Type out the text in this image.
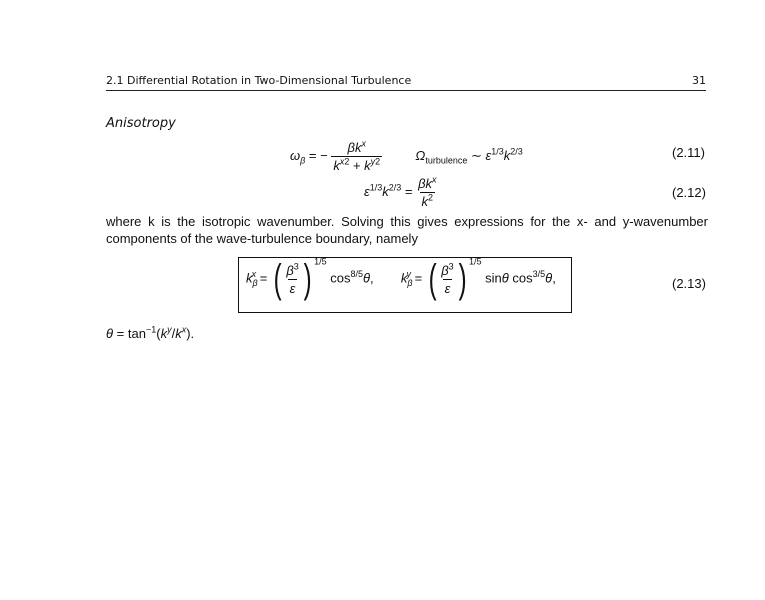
2.1 Differential Rotation in Two-Dimensional Turbulence	31
Anisotropy
$\omega_\beta$ = − $\frac{\beta k^x}{k^{x2} + k^{y2}}$	$\Omega_{turbulence}$ ∼ $\varepsilon^{1/3}k^{2/3}$	(2.11)
$\varepsilon^{1/3}k^{2/3} = \frac{\beta k^x}{k^2}$	(2.12)
where k is the isotropic wavenumber. Solving this gives expressions for the x- and y-wavenumber components of the wave-turbulence boundary, namely
$k_\beta^x$ = ( $\frac{\beta^3}{\varepsilon}$ ) $^{1/5}$ $\cos^{8/5}\theta$,  $k_\beta^y$ = ( $\frac{\beta^3}{\varepsilon}$ ) $^{1/5}$ sinθ $\cos^{3/5}\theta$,	(2.13)
$\theta = \tan^{-1}(k^y/k^x)$.
